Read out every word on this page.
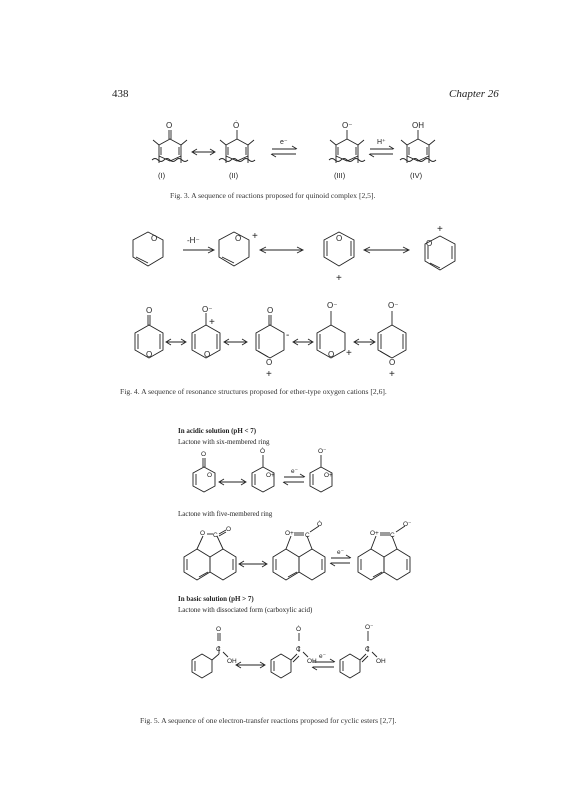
438	Chapter 26
O	Ȯ	O⁻	OH
e⁻	H⁺
(I)	(II)	(III)	(IV)
O	-H⁻	O +	O
+
+
O
O
O
O⁻
+
O
O
-
O
+
O⁻
O +
O⁻
O
+
O
O
Ȯ
O+
e⁻
O⁻
O+
O C
O
O+ C
Ȯ
e⁻
O+ C
O⁻
O
C
OH
Ȯ
C
OH
e⁻
O⁻
C
OH
Fig. 3. A sequence of reactions proposed for quinoid complex [2,5].
Fig. 4. A sequence of resonance structures proposed for ether-type oxygen cations [2,6].
In acidic solution (pH < 7)
Lactone with six-membered ring
Lactone with five-membered ring
In basic solution (pH > 7)
Lactone with dissociated form (carboxylic acid)
Fig. 5. A sequence of one electron-transfer reactions proposed for cyclic esters [2,7].
